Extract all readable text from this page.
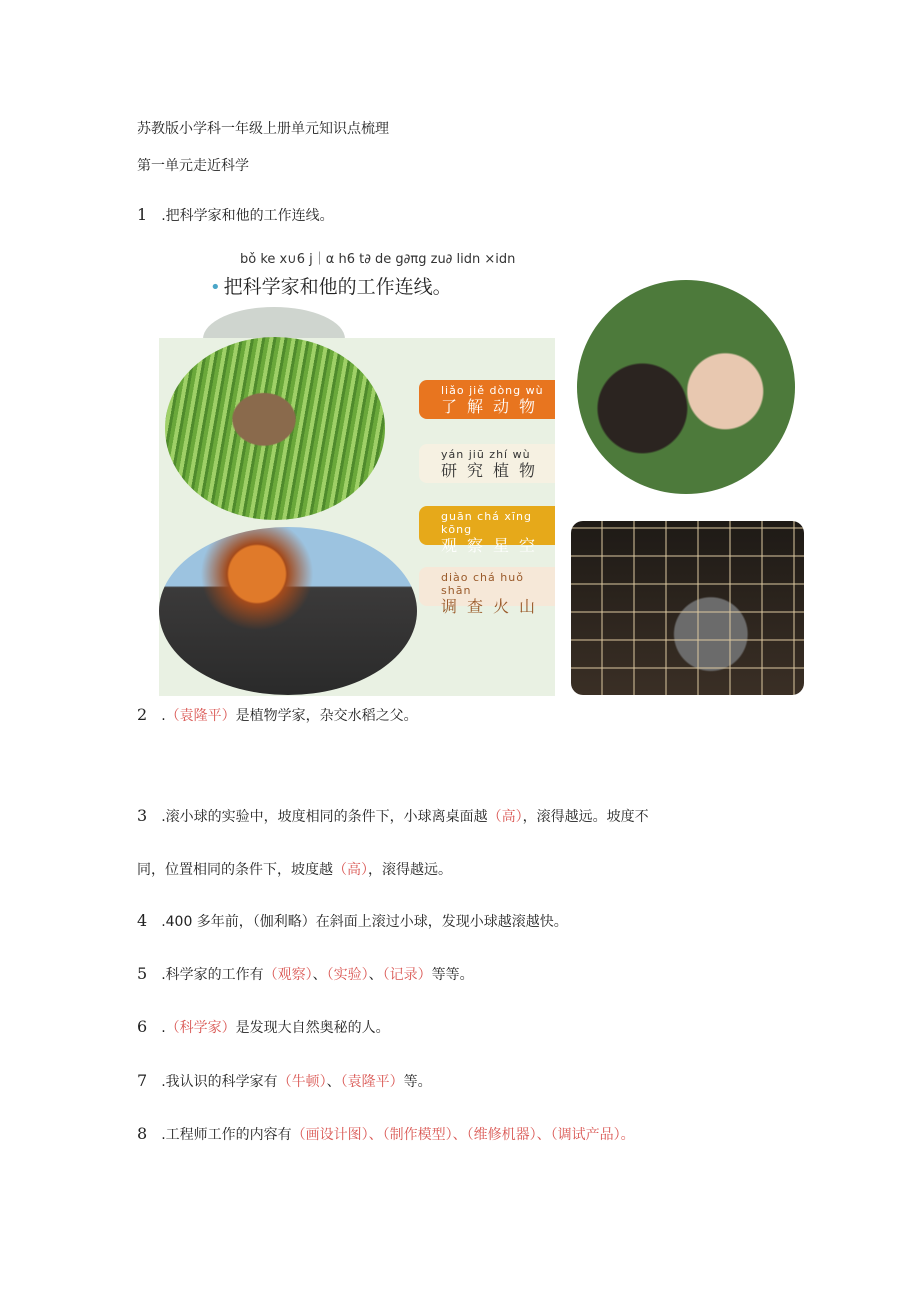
苏教版小学科一年级上册单元知识点梳理
第一单元走近科学
1 .把科学家和他的工作连线。
bǒ ke x∪6 j｜α h6 t∂ de g∂πg zu∂ lidn ×idn
• 把科学家和他的工作连线。
liǎo jiě dòng wù
了解动物
yán jiū zhí wù
研究植物
guān chá xīng kōng
观察星空
diào chá huǒ shān
调查火山
2 .（袁隆平）是植物学家，杂交水稻之父。
3 .滚小球的实验中，坡度相同的条件下，小球离桌面越（高），滚得越远。坡度不
同，位置相同的条件下，坡度越（高），滚得越远。
4 .400 多年前，（伽利略）在斜面上滚过小球，发现小球越滚越快。
5 .科学家的工作有（观察）、（实验）、（记录）等等。
6 .（科学家）是发现大自然奥秘的人。
7 .我认识的科学家有（牛顿）、（袁隆平）等。
8 .工程师工作的内容有（画设计图）、（制作模型）、（维修机器）、（调试产品）。
